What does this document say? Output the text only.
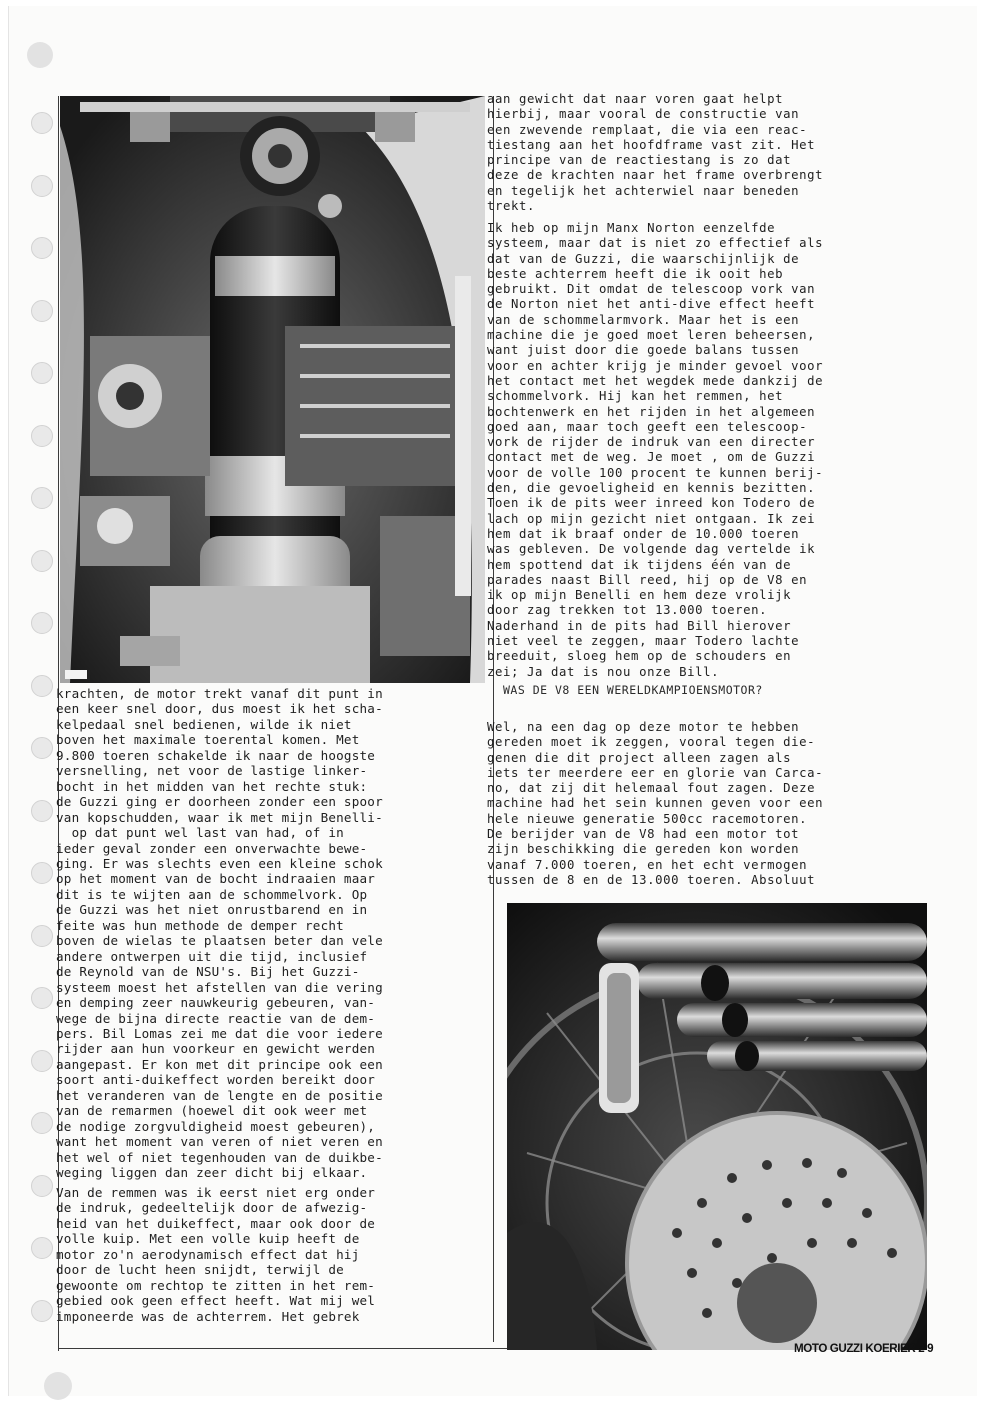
krachten, de motor trekt vanaf dit punt in
een keer snel door, dus moest ik het scha-
kelpedaal snel bedienen, wilde ik niet
boven het maximale toerental komen. Met
9.800 toeren schakelde ik naar de hoogste
versnelling, net voor de lastige linker-
bocht in het midden van het rechte stuk:
de Guzzi ging er doorheen zonder een spoor
van kopschudden, waar ik met mijn Benelli-
op dat punt wel last van had, of in
ieder geval zonder een onverwachte bewe-
ging. Er was slechts even een kleine schok
op het moment van de bocht indraaien maar
dit is te wijten aan de schommelvork. Op
de Guzzi was het niet onrustbarend en in
feite was hun methode de demper recht
boven de wielas te plaatsen beter dan vele
andere ontwerpen uit die tijd, inclusief
de Reynold van de NSU's. Bij het Guzzi-
systeem moest het afstellen van die vering
en demping zeer nauwkeurig gebeuren, van-
wege de bijna directe reactie van de dem-
pers. Bil Lomas zei me dat die voor iedere
rijder aan hun voorkeur en gewicht werden
aangepast. Er kon met dit principe ook een
soort anti-duikeffect worden bereikt door
het veranderen van de lengte en de positie
van de remarmen (hoewel dit ook weer met
de nodige zorgvuldigheid moest gebeuren),
want het moment van veren of niet veren en
het wel of niet tegenhouden van de duikbe-
weging liggen dan zeer dicht bij elkaar.
Van de remmen was ik eerst niet erg onder
de indruk, gedeeltelijk door de afwezig-
heid van het duikeffect, maar ook door de
volle kuip. Met een volle kuip heeft de
motor zo'n aerodynamisch effect dat hij
door de lucht heen snijdt, terwijl de
gewoonte om rechtop te zitten in het rem-
gebied ook geen effect heeft. Wat mij wel
imponeerde was de achterrem. Het gebrek
aan gewicht dat naar voren gaat helpt
hierbij, maar vooral de constructie van
een zwevende remplaat, die via een reac-
tiestang aan het hoofdframe vast zit. Het
principe van de reactiestang is zo dat
deze de krachten naar het frame overbrengt
en tegelijk het achterwiel naar beneden
trekt.
Ik heb op mijn Manx Norton eenzelfde
systeem, maar dat is niet zo effectief als
dat van de Guzzi, die waarschijnlijk de
beste achterrem heeft die ik ooit heb
gebruikt. Dit omdat de telescoop vork van
de Norton niet het anti-dive effect heeft
van de schommelarmvork. Maar het is een
machine die je goed moet leren beheersen,
want juist door die goede balans tussen
voor en achter krijg je minder gevoel voor
het contact met het wegdek mede dankzij de
schommelvork. Hij kan het remmen, het
bochtenwerk en het rijden in het algemeen
goed aan, maar toch geeft een telescoop-
vork de rijder de indruk van een directer
contact met de weg. Je moet , om de Guzzi
voor de volle 100 procent te kunnen berij-
den, die gevoeligheid en kennis bezitten.
Toen ik de pits weer inreed kon Todero de
lach op mijn gezicht niet ontgaan. Ik zei
hem dat ik braaf onder de 10.000 toeren
was gebleven. De volgende dag vertelde ik
hem spottend dat ik tijdens één van de
parades naast Bill reed, hij op de V8 en
ik op mijn Benelli en hem deze vrolijk
door zag trekken tot 13.000 toeren.
Naderhand in de pits had Bill hierover
niet veel te zeggen, maar Todero lachte
breeduit, sloeg hem op de schouders en
zei; Ja dat is nou onze Bill.
WAS DE V8 EEN WERELDKAMPIOENSMOTOR?
Wel, na een dag op deze motor te hebben
gereden moet ik zeggen, vooral tegen die-
genen die dit project alleen zagen als
iets ter meerdere eer en glorie van Carca-
no, dat zij dit helemaal fout zagen. Deze
machine had het sein kunnen geven voor een
hele nieuwe generatie 500cc racemotoren.
De berijder van de V8 had een motor tot
zijn beschikking die gereden kon worden
vanaf 7.000 toeren, en het echt vermogen
tussen de 8 en de 13.000 toeren. Absoluut
MOTO GUZZI KOERIER 2 9
